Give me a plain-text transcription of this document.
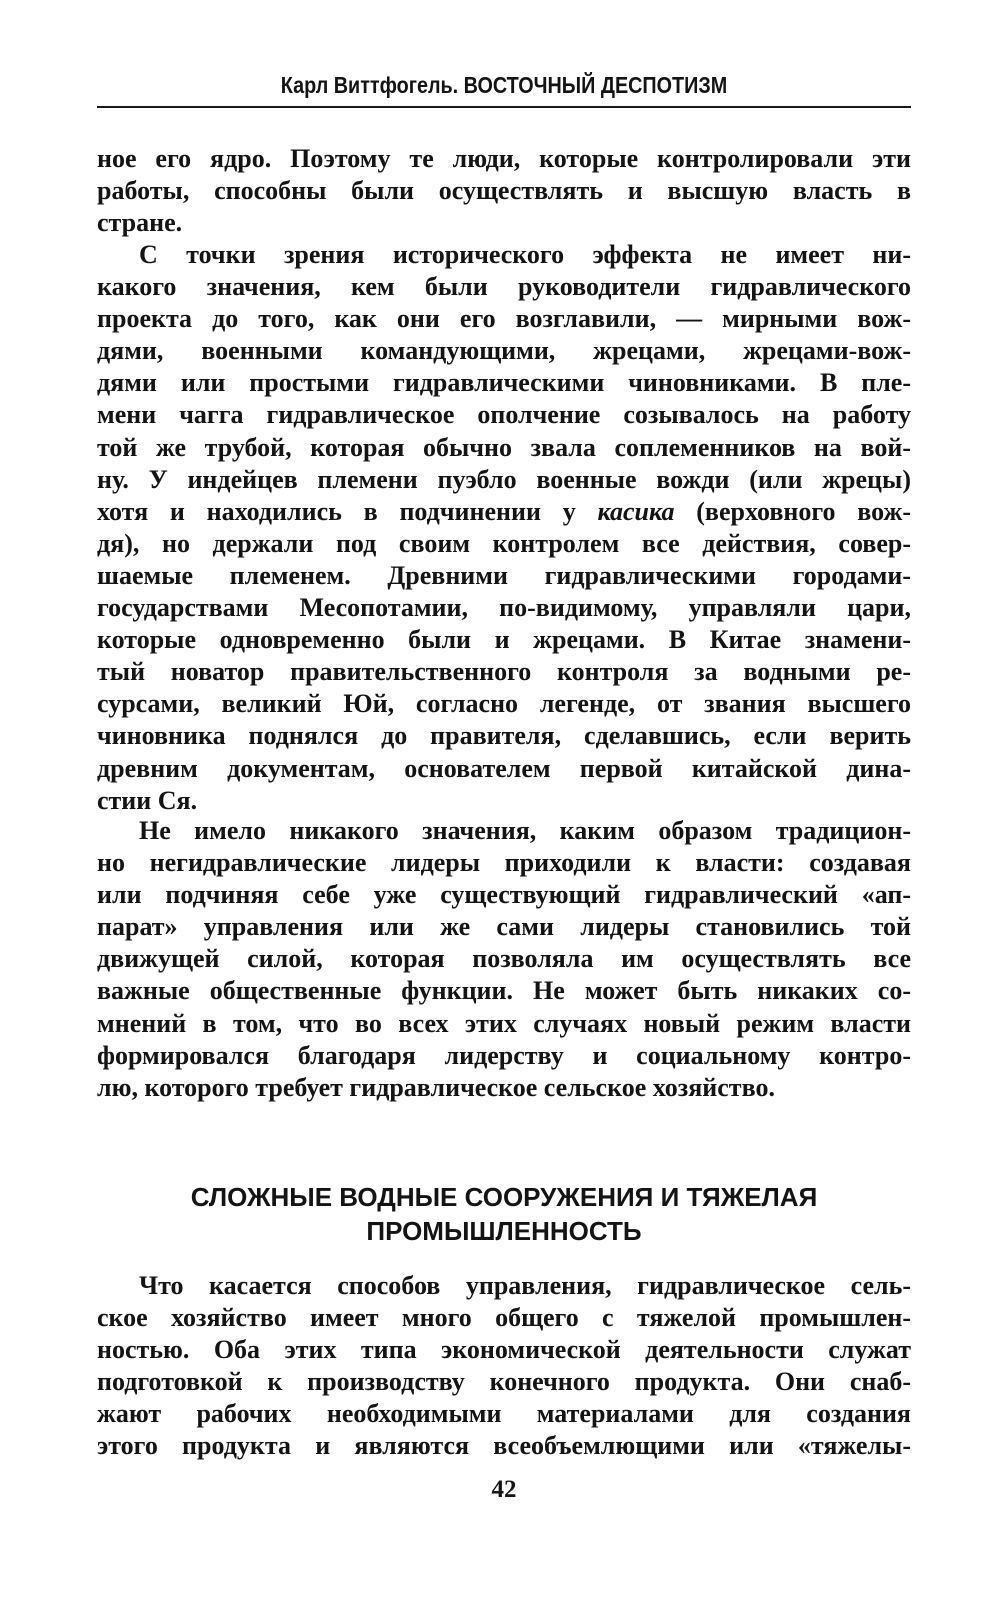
Карл Виттфогель. ВОСТОЧНЫЙ ДЕСПОТИЗМ
ное его ядро. Поэтому те люди, которые контролировали эти
работы, способны были осуществлять и высшую власть в
стране.
С точки зрения исторического эффекта не имеет ни-
какого значения, кем были руководители гидравлического
проекта до того, как они его возглавили, — мирными вож-
дями, военными командующими, жрецами, жрецами-вож-
дями или простыми гидравлическими чиновниками. В пле-
мени чагга гидравлическое ополчение созывалось на работу
той же трубой, которая обычно звала соплеменников на вой-
ну. У индейцев племени пуэбло военные вожди (или жрецы)
хотя и находились в подчинении у касика (верховного вож-
дя), но держали под своим контролем все действия, совер-
шаемые племенем. Древними гидравлическими городами-
государствами Месопотамии, по-видимому, управляли цари,
которые одновременно были и жрецами. В Китае знамени-
тый новатор правительственного контроля за водными ре-
сурсами, великий Юй, согласно легенде, от звания высшего
чиновника поднялся до правителя, сделавшись, если верить
древним документам, основателем первой китайской дина-
стии Ся.
Не имело никакого значения, каким образом традицион-
но негидравлические лидеры приходили к власти: создавая
или подчиняя себе уже существующий гидравлический «ап-
парат» управления или же сами лидеры становились той
движущей силой, которая позволяла им осуществлять все
важные общественные функции. Не может быть никаких со-
мнений в том, что во всех этих случаях новый режим власти
формировался благодаря лидерству и социальному контро-
лю, которого требует гидравлическое сельское хозяйство.
СЛОЖНЫЕ ВОДНЫЕ СООРУЖЕНИЯ И ТЯЖЕЛАЯ
ПРОМЫШЛЕННОСТЬ
Что касается способов управления, гидравлическое сель-
ское хозяйство имеет много общего с тяжелой промышлен-
ностью. Оба этих типа экономической деятельности служат
подготовкой к производству конечного продукта. Они снаб-
жают рабочих необходимыми материалами для создания
этого продукта и являются всеобъемлющими или «тяжелы-
42
